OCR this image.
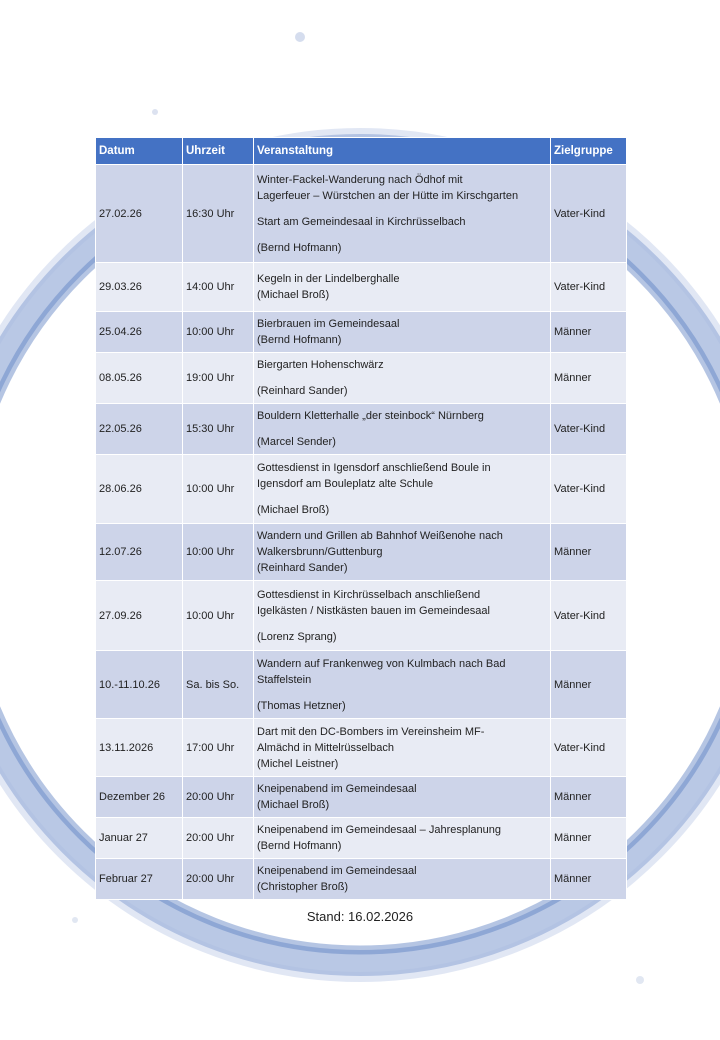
Datum	Uhrzeit	Veranstaltung	Zielgruppe
27.02.26	16:30 Uhr	Winter-Fackel-Wanderung nach Ödhof mit
Lagerfeuer – Würstchen an der Hütte im Kirschgarten
Start am Gemeindesaal in Kirchrüsselbach
(Bernd Hofmann)	Vater-Kind
29.03.26	14:00 Uhr	Kegeln in der Lindelberghalle
(Michael Broß)	Vater-Kind
25.04.26	10:00 Uhr	Bierbrauen im Gemeindesaal
(Bernd Hofmann)	Männer
08.05.26	19:00 Uhr	Biergarten Hohenschwärz
(Reinhard Sander)	Männer
22.05.26	15:30 Uhr	Bouldern Kletterhalle „der steinbock“ Nürnberg
(Marcel Sender)	Vater-Kind
28.06.26	10:00 Uhr	Gottesdienst in Igensdorf anschließend Boule in
Igensdorf am Bouleplatz alte Schule
(Michael Broß)	Vater-Kind
12.07.26	10:00 Uhr	Wandern und Grillen ab Bahnhof Weißenohe nach
Walkersbrunn/Guttenburg
(Reinhard Sander)	Männer
27.09.26	10:00 Uhr	Gottesdienst in Kirchrüsselbach anschließend
Igelkästen / Nistkästen bauen im Gemeindesaal
(Lorenz Sprang)	Vater-Kind
10.-11.10.26	Sa. bis So.	Wandern auf Frankenweg von Kulmbach nach Bad
Staffelstein
(Thomas Hetzner)	Männer
13.11.2026	17:00 Uhr	Dart mit den DC-Bombers im Vereinsheim MF-
Almächd in Mittelrüsselbach
(Michel Leistner)	Vater-Kind
Dezember 26	20:00 Uhr	Kneipenabend im Gemeindesaal
(Michael Broß)	Männer
Januar 27	20:00 Uhr	Kneipenabend im Gemeindesaal – Jahresplanung
(Bernd Hofmann)	Männer
Februar 27	20:00 Uhr	Kneipenabend im Gemeindesaal
(Christopher Broß)	Männer
Stand: 16.02.2026
